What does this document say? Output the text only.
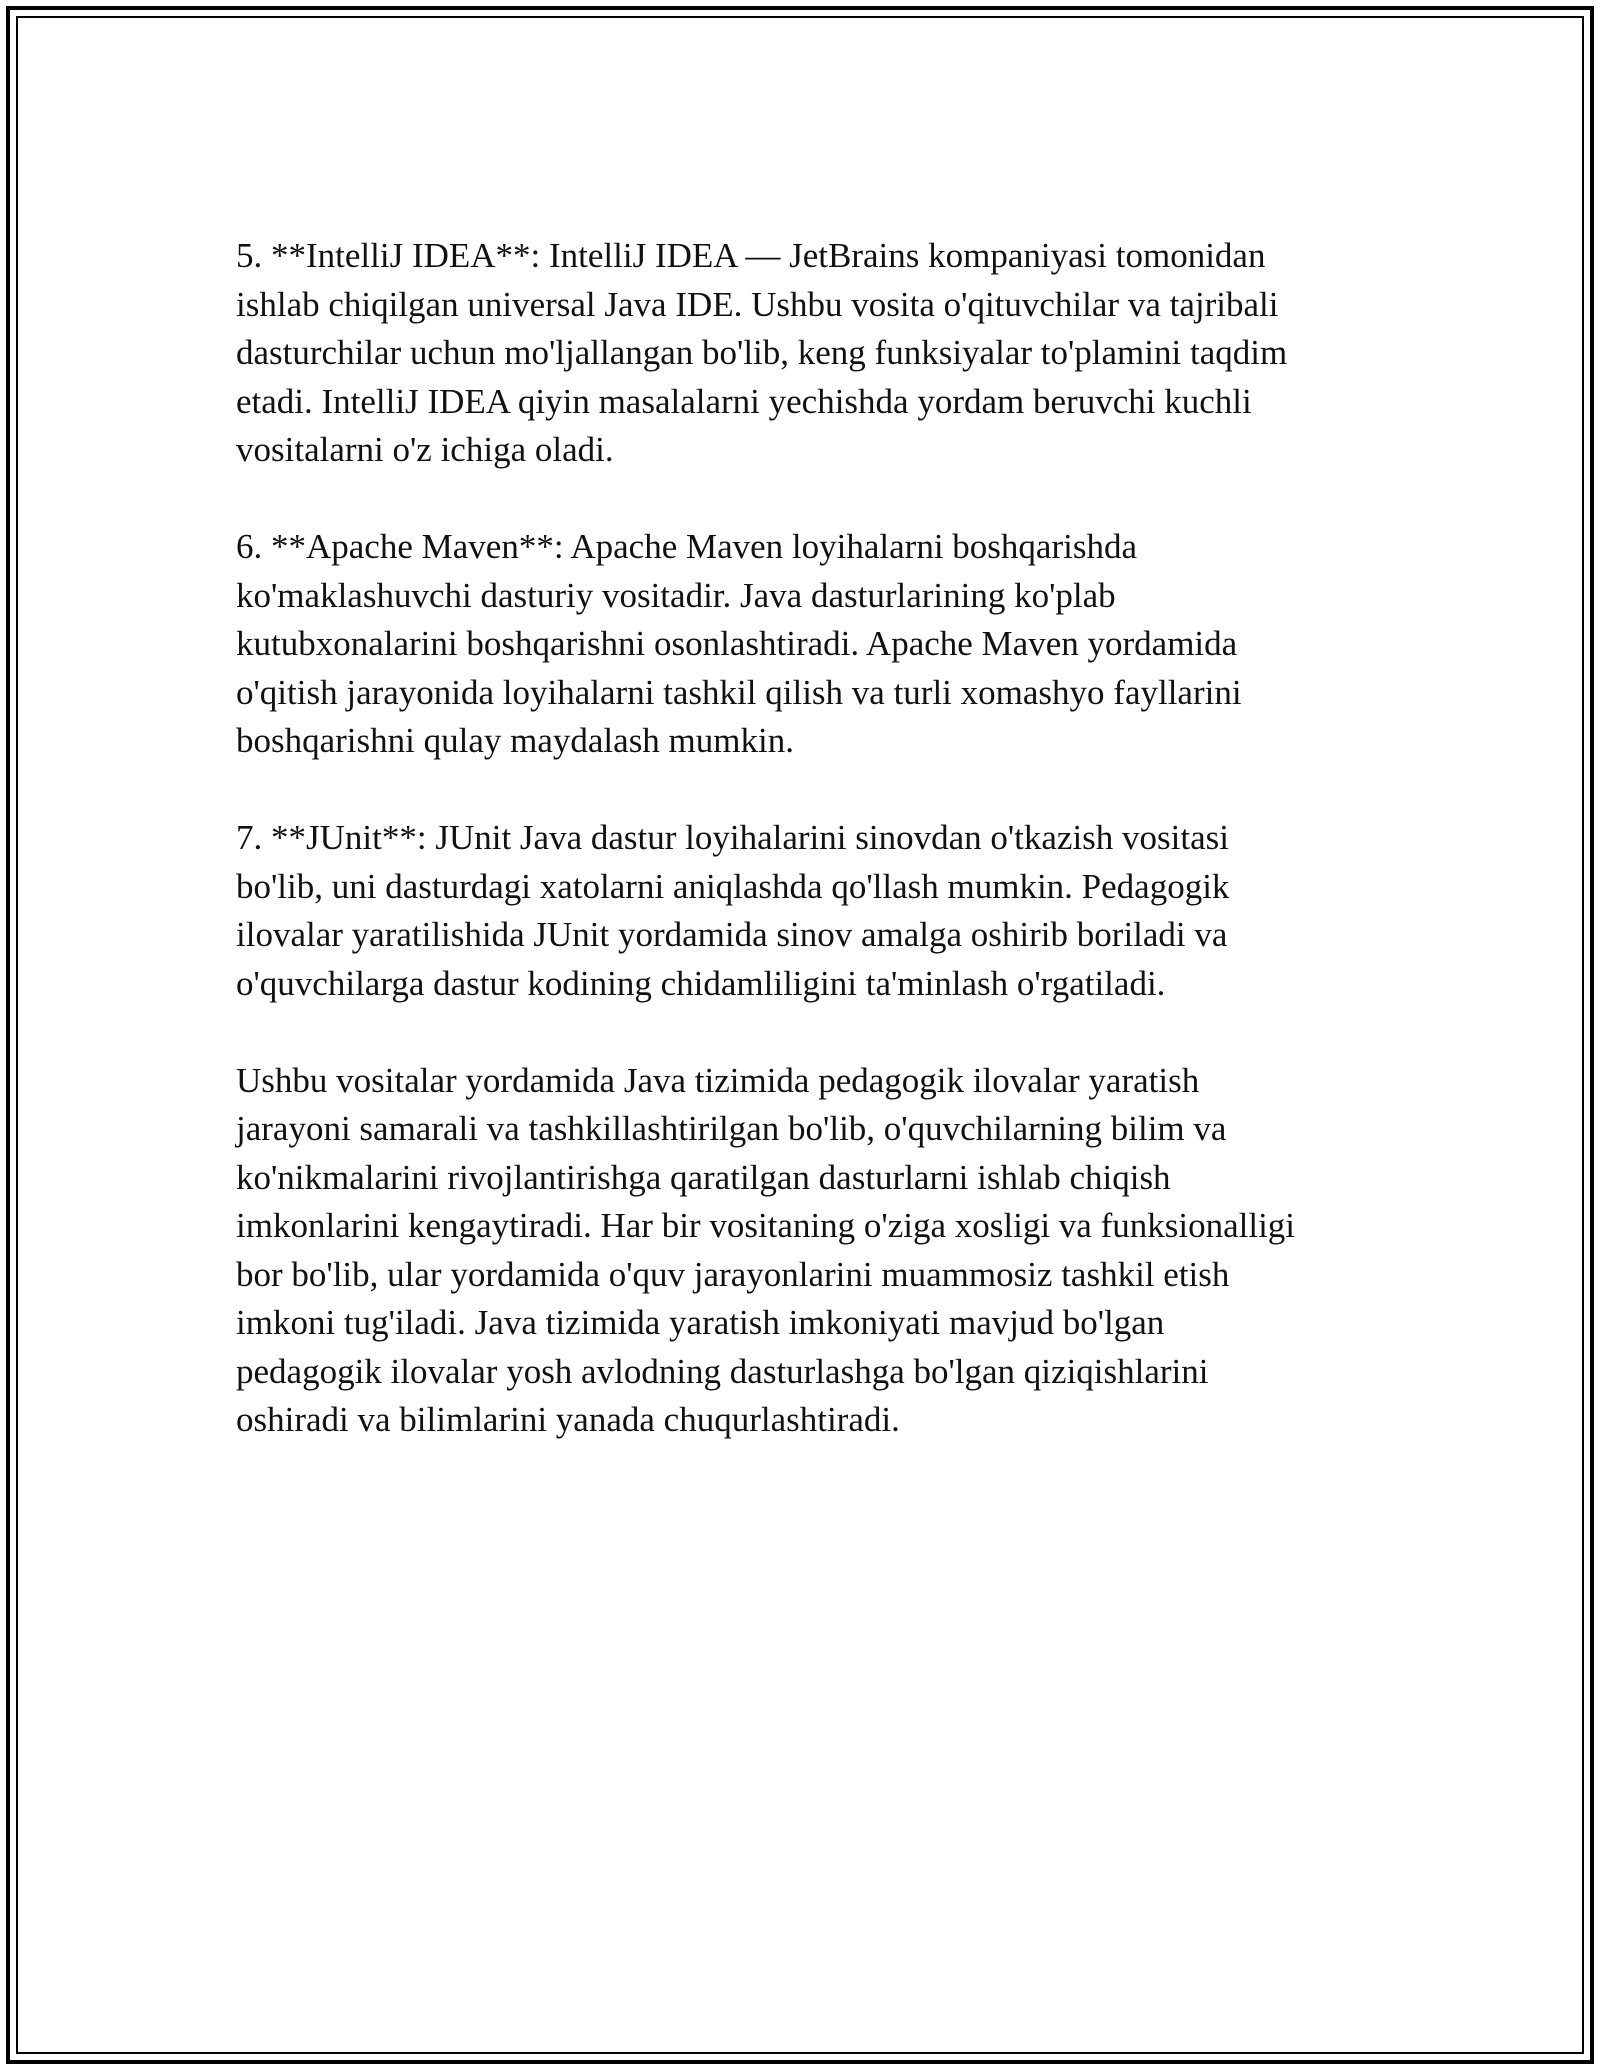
5. **IntelliJ IDEA**: IntelliJ IDEA — JetBrains kompaniyasi tomonidan
ishlab chiqilgan universal Java IDE. Ushbu vosita o'qituvchilar va tajribali
dasturchilar uchun mo'ljallangan bo'lib, keng funksiyalar to'plamini taqdim
etadi. IntelliJ IDEA qiyin masalalarni yechishda yordam beruvchi kuchli
vositalarni o'z ichiga oladi.

6. **Apache Maven**: Apache Maven loyihalarni boshqarishda
ko'maklashuvchi dasturiy vositadir. Java dasturlarining ko'plab
kutubxonalarini boshqarishni osonlashtiradi. Apache Maven yordamida
o'qitish jarayonida loyihalarni tashkil qilish va turli xomashyo fayllarini
boshqarishni qulay maydalash mumkin.

7. **JUnit**: JUnit Java dastur loyihalarini sinovdan o'tkazish vositasi
bo'lib, uni dasturdagi xatolarni aniqlashda qo'llash mumkin. Pedagogik
ilovalar yaratilishida JUnit yordamida sinov amalga oshirib boriladi va
o'quvchilarga dastur kodining chidamliligini ta'minlash o'rgatiladi.

Ushbu vositalar yordamida Java tizimida pedagogik ilovalar yaratish
jarayoni samarali va tashkillashtirilgan bo'lib, o'quvchilarning bilim va
ko'nikmalarini rivojlantirishga qaratilgan dasturlarni ishlab chiqish
imkonlarini kengaytiradi. Har bir vositaning o'ziga xosligi va funksionalligi
bor bo'lib, ular yordamida o'quv jarayonlarini muammosiz tashkil etish
imkoni tug'iladi. Java tizimida yaratish imkoniyati mavjud bo'lgan
pedagogik ilovalar yosh avlodning dasturlashga bo'lgan qiziqishlarini
oshiradi va bilimlarini yanada chuqurlashtiradi.
